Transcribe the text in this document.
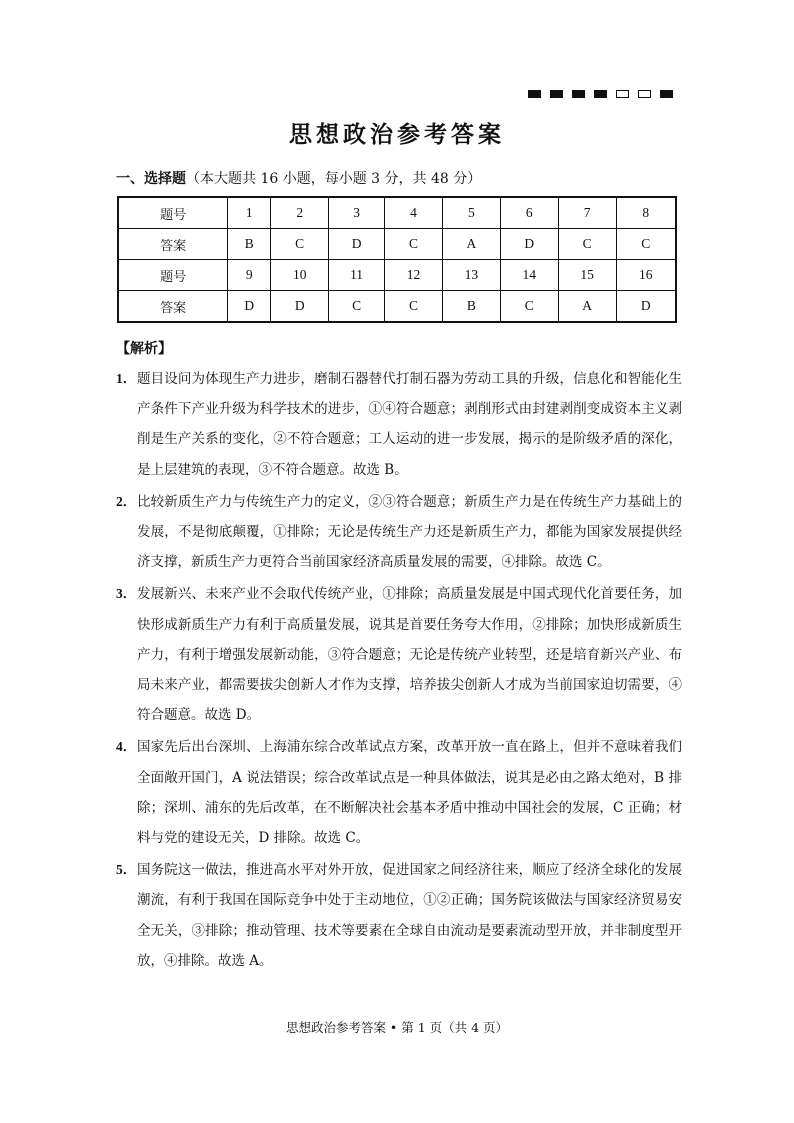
思想政治参考答案
一、选择题（本大题共 16 小题，每小题 3 分，共 48 分）
题号	1	2	3	4	5	6	7	8
答案	B	C	D	C	A	D	C	C
题号	9	10	11	12	13	14	15	16
答案	D	D	C	C	B	C	A	D
【解析】
1． 题目设问为体现生产力进步，磨制石器替代打制石器为劳动工具的升级，信息化和智能化生产条件下产业升级为科学技术的进步，①④符合题意；剥削形式由封建剥削变成资本主义剥削是生产关系的变化，②不符合题意；工人运动的进一步发展，揭示的是阶级矛盾的深化，是上层建筑的表现，③不符合题意。故选 B。
2． 比较新质生产力与传统生产力的定义，②③符合题意；新质生产力是在传统生产力基础上的发展，不是彻底颠覆，①排除；无论是传统生产力还是新质生产力，都能为国家发展提供经济支撑，新质生产力更符合当前国家经济高质量发展的需要，④排除。故选 C。
3． 发展新兴、未来产业不会取代传统产业，①排除；高质量发展是中国式现代化首要任务，加快形成新质生产力有利于高质量发展，说其是首要任务夸大作用，②排除；加快形成新质生产力，有利于增强发展新动能，③符合题意；无论是传统产业转型，还是培育新兴产业、布局未来产业，都需要拔尖创新人才作为支撑，培养拔尖创新人才成为当前国家迫切需要，④符合题意。故选 D。
4． 国家先后出台深圳、上海浦东综合改革试点方案，改革开放一直在路上，但并不意味着我们全面敞开国门，A 说法错误；综合改革试点是一种具体做法，说其是必由之路太绝对，B 排除；深圳、浦东的先后改革，在不断解决社会基本矛盾中推动中国社会的发展，C 正确；材料与党的建设无关，D 排除。故选 C。
5． 国务院这一做法，推进高水平对外开放，促进国家之间经济往来，顺应了经济全球化的发展潮流，有利于我国在国际竞争中处于主动地位，①②正确；国务院该做法与国家经济贸易安全无关，③排除；推动管理、技术等要素在全球自由流动是要素流动型开放，并非制度型开放，④排除。故选 A。
思想政治参考答案 • 第 1 页（共 4 页）
